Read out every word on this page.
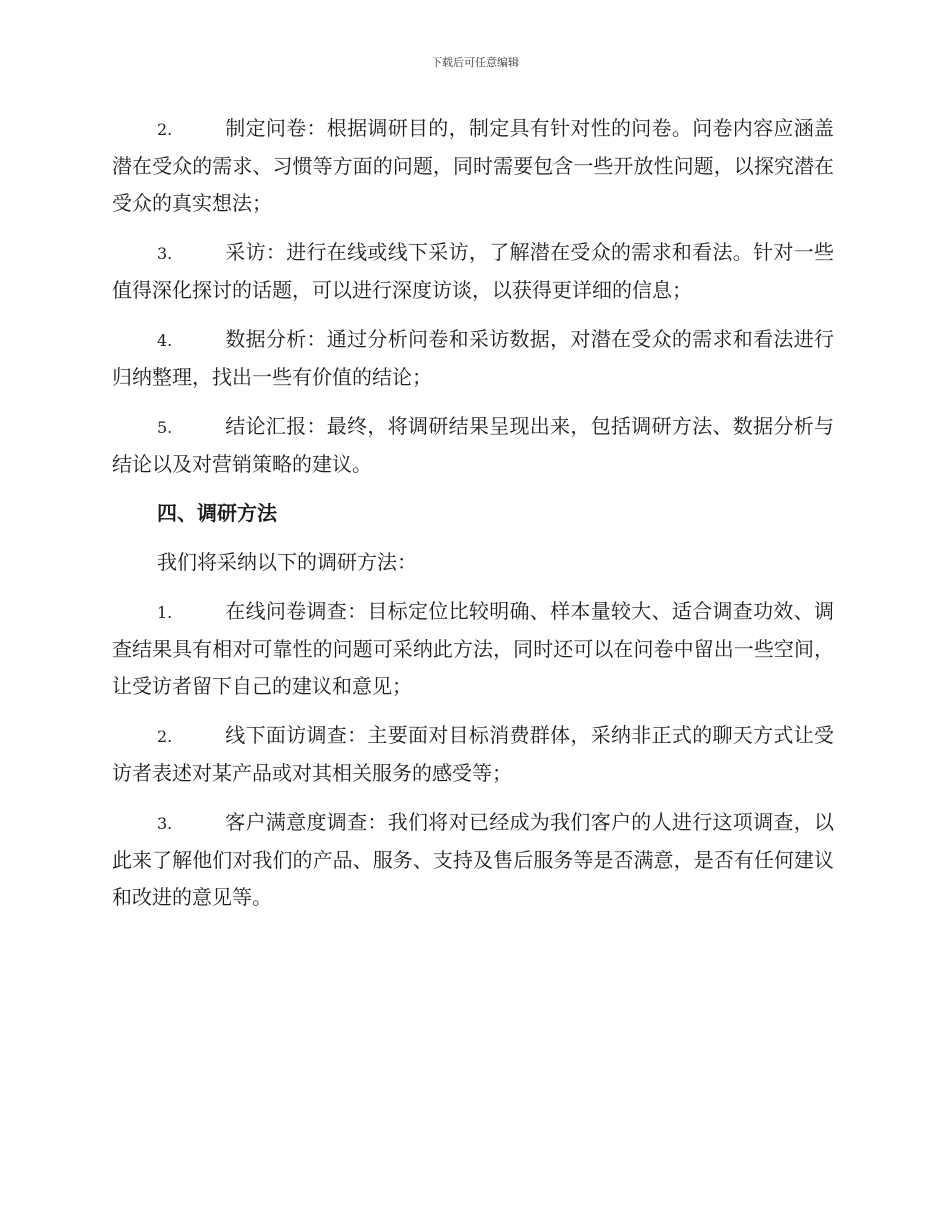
下载后可任意编辑

2.	制定问卷：根据调研目的，制定具有针对性的问卷。问卷内容应涵盖潜在受众的需求、习惯等方面的问题，同时需要包含一些开放性问题，以探究潜在受众的真实想法；

3.	采访：进行在线或线下采访，了解潜在受众的需求和看法。针对一些值得深化探讨的话题，可以进行深度访谈，以获得更详细的信息；

4.	数据分析：通过分析问卷和采访数据，对潜在受众的需求和看法进行归纳整理，找出一些有价值的结论；

5.	结论汇报：最终，将调研结果呈现出来，包括调研方法、数据分析与结论以及对营销策略的建议。

四、调研方法

我们将采纳以下的调研方法：

1.	在线问卷调查：目标定位比较明确、样本量较大、适合调查功效、调查结果具有相对可靠性的问题可采纳此方法，同时还可以在问卷中留出一些空间，让受访者留下自己的建议和意见；

2.	线下面访调查：主要面对目标消费群体，采纳非正式的聊天方式让受访者表述对某产品或对其相关服务的感受等；

3.	客户满意度调查：我们将对已经成为我们客户的人进行这项调查，以此来了解他们对我们的产品、服务、支持及售后服务等是否满意，是否有任何建议和改进的意见等。
